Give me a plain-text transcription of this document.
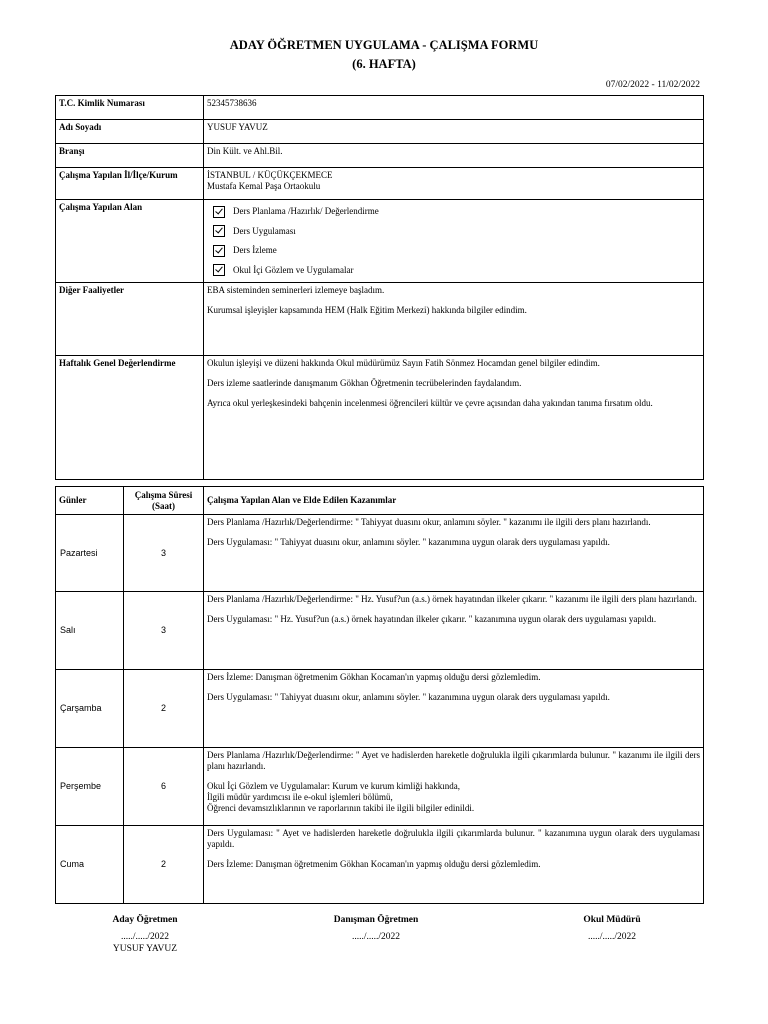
ADAY ÖĞRETMEN UYGULAMA - ÇALIŞMA FORMU
(6. HAFTA)
07/02/2022 - 11/02/2022
T.C. Kimlik Numarası	52345738636
Adı Soyadı	YUSUF YAVUZ
Branşı	Din Kült. ve Ahl.Bil.
Çalışma Yapılan İl/İlçe/Kurum	İSTANBUL / KÜÇÜKÇEKMECE
Mustafa Kemal Paşa Ortaokulu

Çalışma Yapılan Alan	Ders Planlama /Hazırlık/ Değerlendirme
Ders Uygulaması
Ders İzleme
Okul İçi Gözlem ve Uygulamalar

Diğer Faaliyetler	EBA sisteminden seminerleri izlemeye başladım.

Kurumsal işleyişler kapsamında HEM (Halk Eğitim Merkezi) hakkında bilgiler edindim.

Haftalık Genel Değerlendirme	Okulun işleyişi ve düzeni hakkında Okul müdürümüz Sayın Fatih Sönmez Hocamdan genel bilgiler edindim.

Ders izleme saatlerinde danışmanım Gökhan Öğretmenin tecrübelerinden faydalandım.

Ayrıca okul yerleşkesindeki bahçenin incelenmesi öğrencileri kültür ve çevre açısından daha yakından tanıma fırsatım oldu.

Günler	Çalışma Süresi (Saat)	Çalışma Yapılan Alan ve Elde Edilen Kazanımlar
Pazartesi	3	Ders Planlama /Hazırlık/Değerlendirme: " Tahiyyat duasını okur, anlamını söyler. " kazanımı ile ilgili ders planı hazırlandı.

Ders Uygulaması: " Tahiyyat duasını okur, anlamını söyler. " kazanımına uygun olarak ders uygulaması yapıldı.

Salı	3	Ders Planlama /Hazırlık/Değerlendirme: " Hz. Yusuf?un (a.s.) örnek hayatından ilkeler çıkarır. " kazanımı ile ilgili ders planı hazırlandı.

Ders Uygulaması: " Hz. Yusuf?un (a.s.) örnek hayatından ilkeler çıkarır. " kazanımına uygun olarak ders uygulaması yapıldı.

Çarşamba	2	Ders İzleme: Danışman öğretmenim Gökhan Kocaman'ın yapmış olduğu dersi gözlemledim.

Ders Uygulaması: " Tahiyyat duasını okur, anlamını söyler. " kazanımına uygun olarak ders uygulaması yapıldı.

Perşembe	6	Ders Planlama /Hazırlık/Değerlendirme: " Ayet ve hadislerden hareketle doğrulukla ilgili çıkarımlarda bulunur. " kazanımı ile ilgili ders planı hazırlandı.

Okul İçi Gözlem ve Uygulamalar: Kurum ve kurum kimliği hakkında,
İlgili müdür yardımcısı ile e-okul işlemleri bölümü,
Öğrenci devamsızlıklarının ve raporlarının takibi ile ilgili bilgiler edinildi.

Cuma	2	Ders Uygulaması: " Ayet ve hadislerden hareketle doğrulukla ilgili çıkarımlarda bulunur. " kazanımına uygun olarak ders uygulaması yapıldı.

Ders İzleme: Danışman öğretmenim Gökhan Kocaman'ın yapmış olduğu dersi gözlemledim.

Aday Öğretmen
...../...../2022
YUSUF YAVUZ
Danışman Öğretmen
...../...../2022
Okul Müdürü
...../...../2022
